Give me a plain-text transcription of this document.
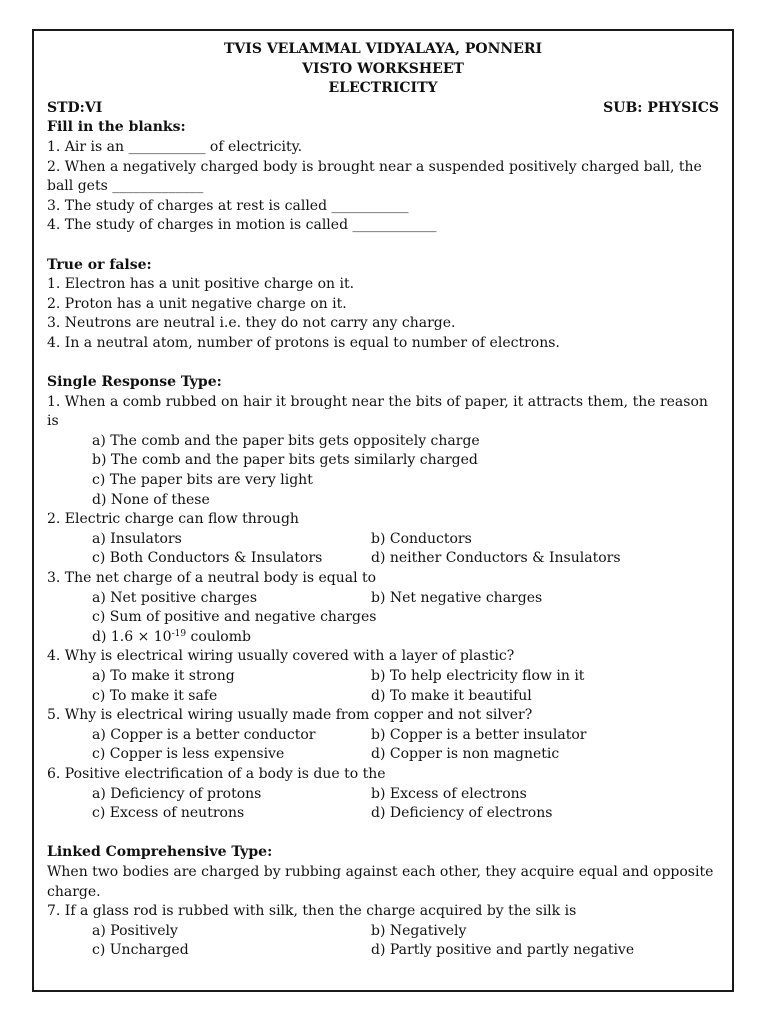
TVIS VELAMMAL VIDYALAYA, PONNERI
VISTO WORKSHEET
ELECTRICITY
STD:VI	SUB: PHYSICS
Fill in the blanks:
1. Air is an ___________ of electricity.
2. When a negatively charged body is brought near a suspended positively charged ball, the ball gets _____________
3. The study of charges at rest is called ___________
4. The study of charges in motion is called ____________
True or false:
1. Electron has a unit positive charge on it.
2. Proton has a unit negative charge on it.
3. Neutrons are neutral i.e. they do not carry any charge.
4. In a neutral atom, number of protons is equal to number of electrons.
Single Response Type:
1. When a comb rubbed on hair it brought near the bits of paper, it attracts them, the reason is
a) The comb and the paper bits gets oppositely charge
b) The comb and the paper bits gets similarly charged
c) The paper bits are very light
d) None of these
2. Electric charge can flow through
a) Insulators	b) Conductors
c) Both Conductors & Insulators	d) neither Conductors & Insulators
3. The net charge of a neutral body is equal to
a) Net positive charges	b) Net negative charges
c) Sum of positive and negative charges
d) $1.6 \times 10^{-19}$ coulomb
4. Why is electrical wiring usually covered with a layer of plastic?
a) To make it strong	b) To help electricity flow in it
c) To make it safe	d) To make it beautiful
5. Why is electrical wiring usually made from copper and not silver?
a) Copper is a better conductor	b) Copper is a better insulator
c) Copper is less expensive	d) Copper is non magnetic
6. Positive electrification of a body is due to the
a) Deficiency of protons	b) Excess of electrons
c) Excess of neutrons	d) Deficiency of electrons
Linked Comprehensive Type:
When two bodies are charged by rubbing against each other, they acquire equal and opposite charge.
7. If a glass rod is rubbed with silk, then the charge acquired by the silk is
a) Positively	b) Negatively
c) Uncharged	d) Partly positive and partly negative
